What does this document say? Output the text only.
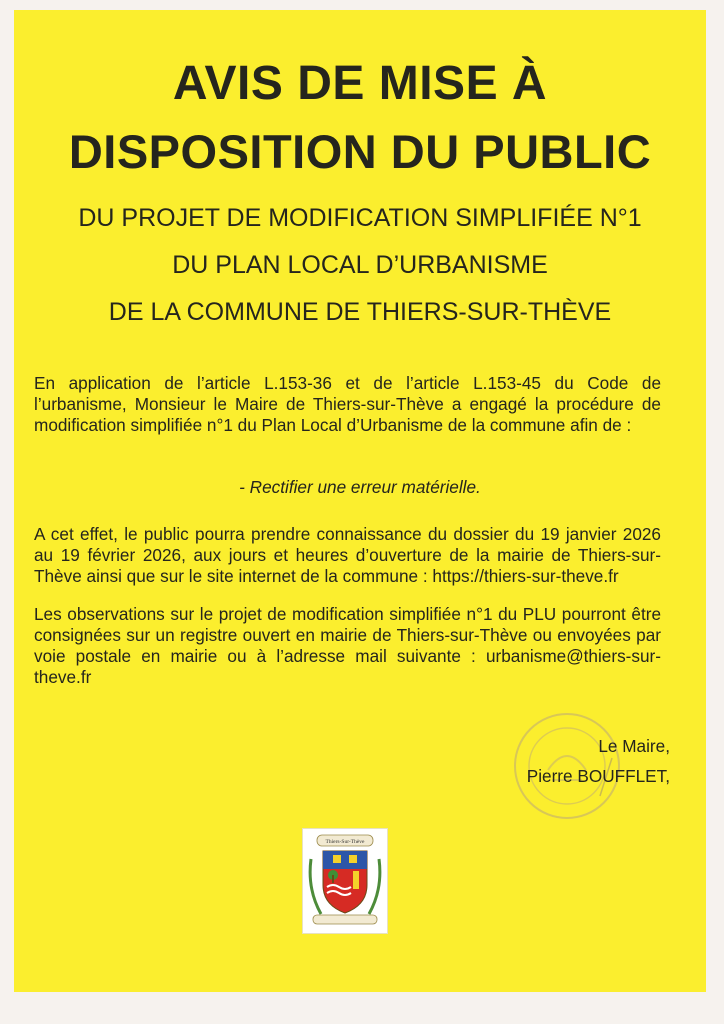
AVIS DE MISE À
DISPOSITION DU PUBLIC

DU PROJET DE MODIFICATION SIMPLIFIÉE N°1

DU PLAN LOCAL D’URBANISME

DE LA COMMUNE DE THIERS-SUR-THÈVE

En application de l’article L.153-36 et de l’article L.153-45 du Code de l’urbanisme, Monsieur le Maire de Thiers-sur-Thève a engagé la procédure de modification simplifiée n°1 du Plan Local d’Urbanisme de la commune afin de :

- Rectifier une erreur matérielle.

A cet effet, le public pourra prendre connaissance du dossier du 19 janvier 2026 au 19 février 2026, aux jours et heures d’ouverture de la mairie de Thiers-sur-Thève ainsi que sur le site internet de la commune : https://thiers-sur-theve.fr

Les observations sur le projet de modification simplifiée n°1 du PLU pourront être consignées sur un registre ouvert en mairie de Thiers-sur-Thève ou envoyées par voie postale en mairie ou à l’adresse mail suivante : urbanisme@thiers-sur-theve.fr

Le Maire,

Pierre BOUFFLET,

Thiers-Sur-Thève
